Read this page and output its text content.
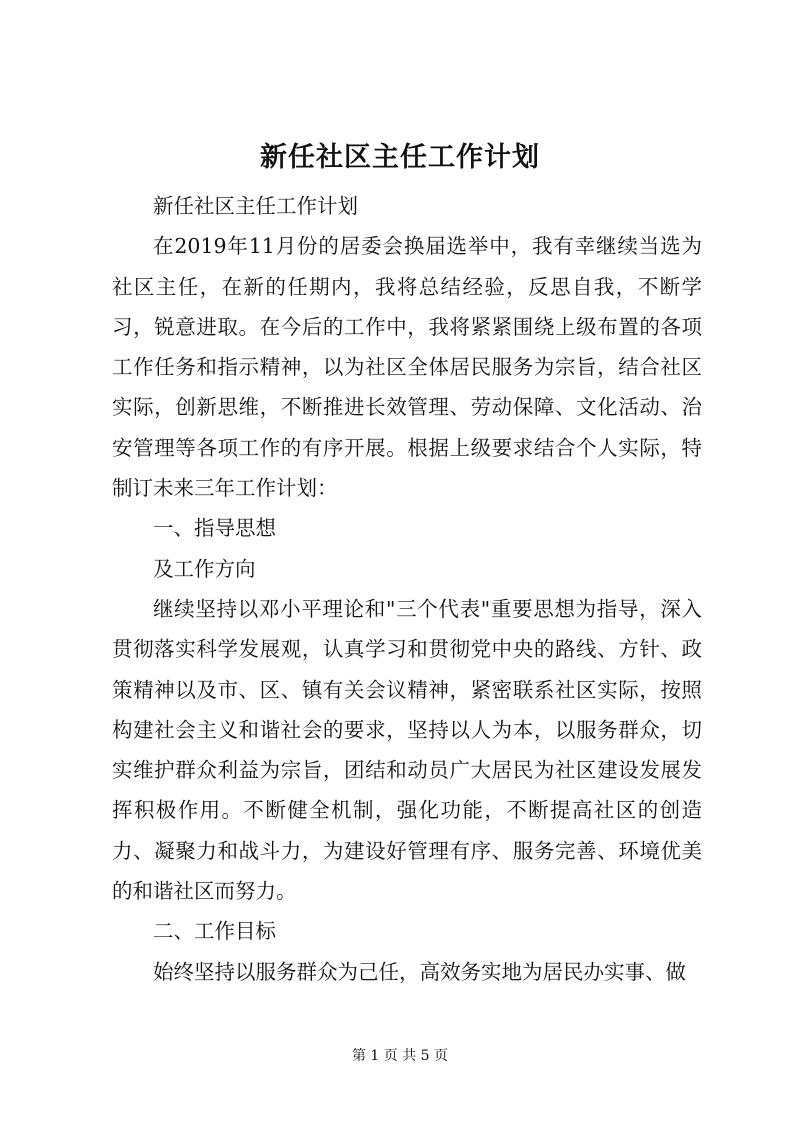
新任社区主任工作计划

新任社区主任工作计划

在2019年11月份的居委会换届选举中，我有幸继续当选为社区主任，在新的任期内，我将总结经验，反思自我，不断学习，锐意进取。在今后的工作中，我将紧紧围绕上级布置的各项工作任务和指示精神，以为社区全体居民服务为宗旨，结合社区实际，创新思维，不断推进长效管理、劳动保障、文化活动、治安管理等各项工作的有序开展。根据上级要求结合个人实际，特制订未来三年工作计划：

一、指导思想

及工作方向

继续坚持以邓小平理论和"三个代表"重要思想为指导，深入贯彻落实科学发展观，认真学习和贯彻党中央的路线、方针、政策精神以及市、区、镇有关会议精神，紧密联系社区实际，按照构建社会主义和谐社会的要求，坚持以人为本，以服务群众，切实维护群众利益为宗旨，团结和动员广大居民为社区建设发展发挥积极作用。不断健全机制，强化功能，不断提高社区的创造力、凝聚力和战斗力，为建设好管理有序、服务完善、环境优美的和谐社区而努力。

二、工作目标

始终坚持以服务群众为己任，高效务实地为居民办实事、做

第 1 页 共 5 页
